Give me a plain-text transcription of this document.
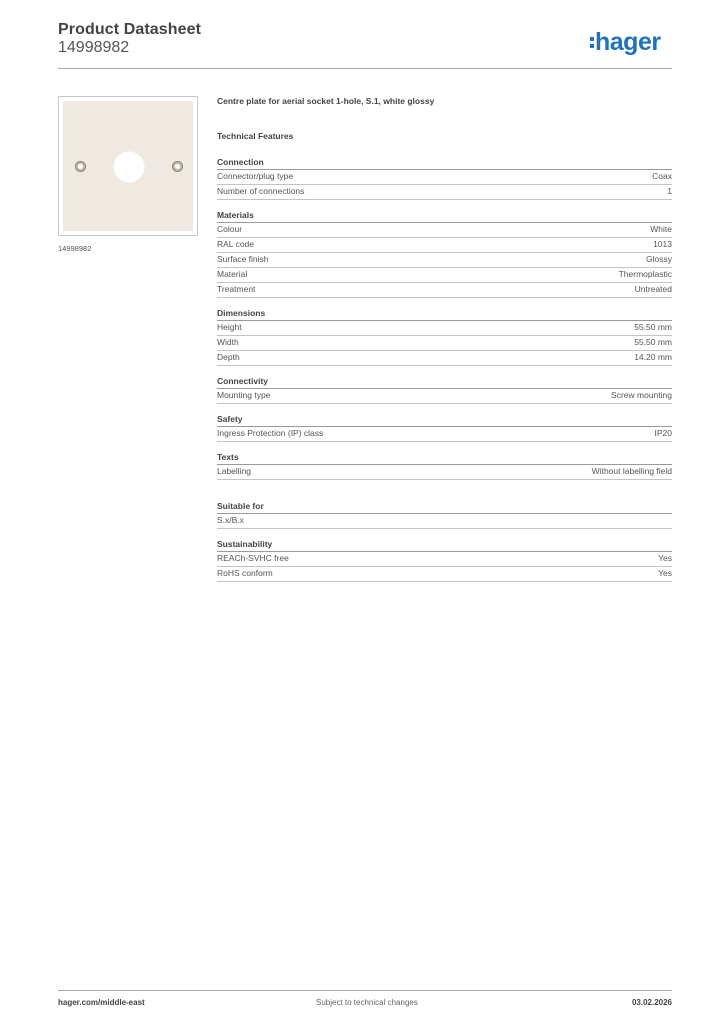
Product Datasheet
14998982	hager
14998982
Centre plate for aerial socket 1-hole, S.1, white glossy
Technical Features
Connection
Connector/plug type	Coax
Number of connections	1
Materials
Colour	White
RAL code	1013
Surface finish	Glossy
Material	Thermoplastic
Treatment	Untreated
Dimensions
Height	55.50 mm
Width	55.50 mm
Depth	14.20 mm
Connectivity
Mounting type	Screw mounting
Safety
Ingress Protection (IP) class	IP20
Texts
Labelling	Without labelling field
Suitable for
S.x/B.x
Sustainability
REACh-SVHC free	Yes
RoHS conform	Yes
hager.com/middle-east	Subject to technical changes	03.02.2026
